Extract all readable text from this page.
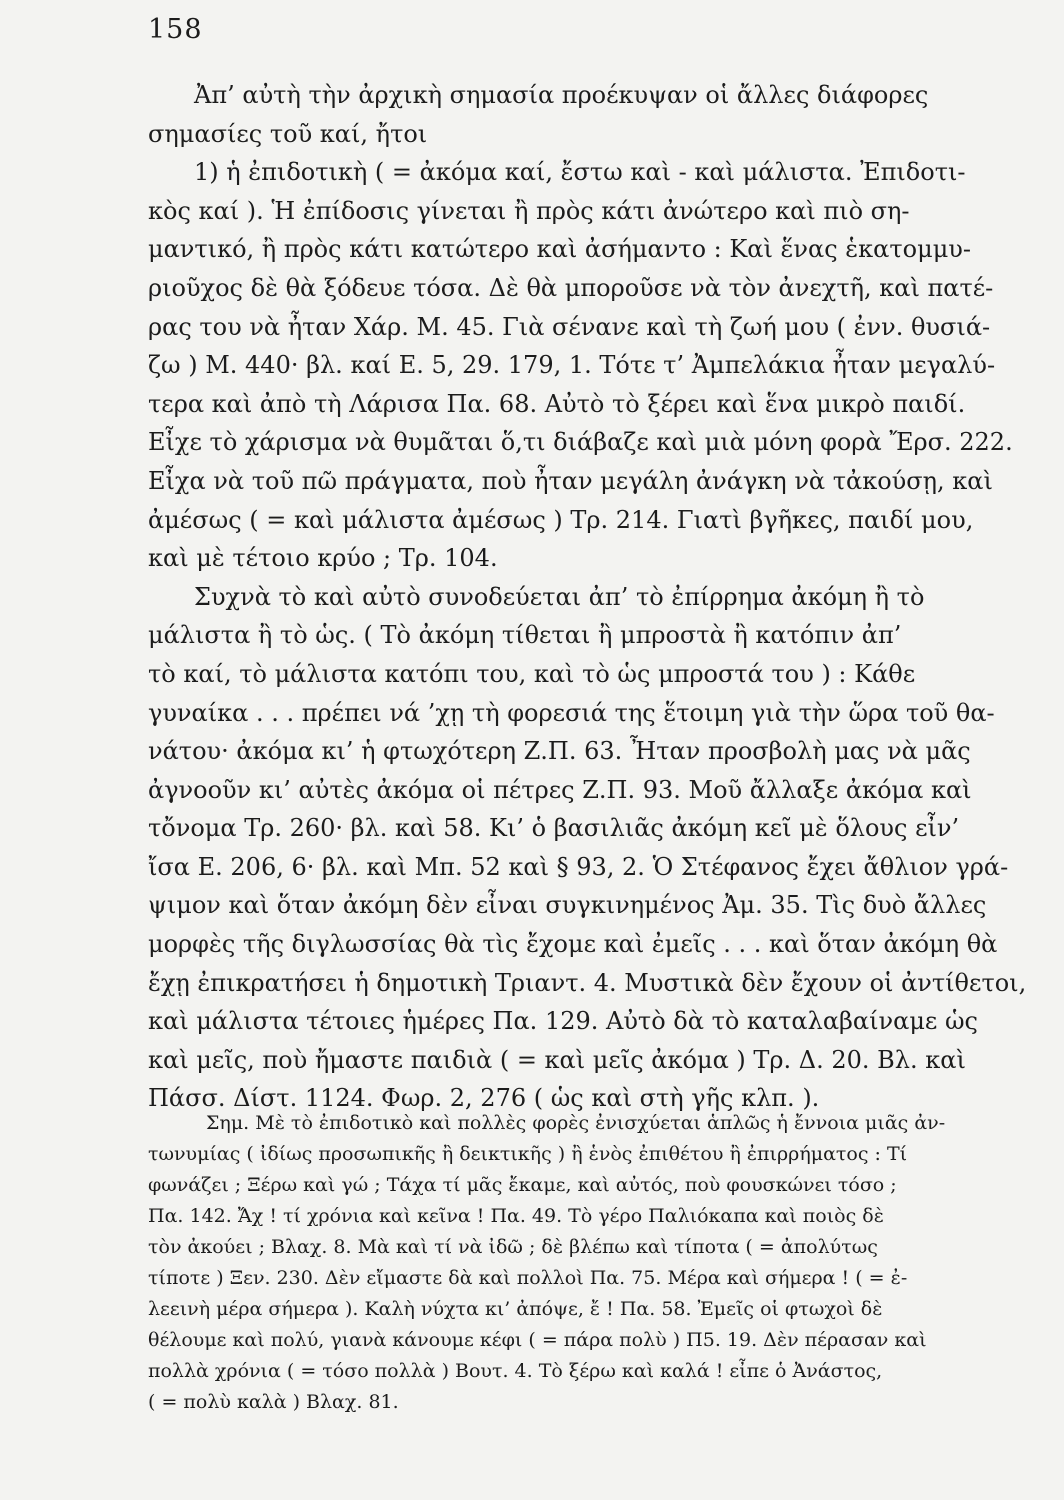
158
Ἀπ’ αὐτὴ τὴν ἀρχικὴ σημασία προέκυψαν οἱ ἄλλες διάφορες
σημασίες τοῦ καί, ἤτοι
1) ἡ ἐπιδοτικὴ ( = ἀκόμα καί, ἔστω καὶ - καὶ μάλιστα. Ἐπιδοτι-
κὸς καί ). Ἡ ἐπίδοσις γίνεται ἢ πρὸς κάτι ἀνώτερο καὶ πιὸ ση-
μαντικό, ἢ πρὸς κάτι κατώτερο καὶ ἀσήμαντο : Καὶ ἕνας ἑκατομμυ-
ριοῦχος δὲ θὰ ξόδευε τόσα. Δὲ θὰ μποροῦσε νὰ τὸν ἀνεχτῆ, καὶ πατέ-
ρας του νὰ ἦταν Χάρ. Μ. 45. Γιὰ σένανε καὶ τὴ ζωή μου ( ἐνν. θυσιά-
ζω ) Μ. 440· βλ. καί Ε. 5, 29. 179, 1. Τότε τ’ Ἀμπελάκια ἦταν μεγαλύ-
τερα καὶ ἀπὸ τὴ Λάρισα Πα. 68. Αὐτὸ τὸ ξέρει καὶ ἕνα μικρὸ παιδί.
Εἶχε τὸ χάρισμα νὰ θυμᾶται ὅ,τι διάβαζε καὶ μιὰ μόνη φορὰ Ἔρσ. 222.
Εἶχα νὰ τοῦ πῶ πράγματα, ποὺ ἦταν μεγάλη ἀνάγκη νὰ τἀκούσῃ, καὶ
ἀμέσως ( = καὶ μάλιστα ἀμέσως ) Τρ. 214. Γιατὶ βγῆκες, παιδί μου,
καὶ μὲ τέτοιο κρύο ; Τρ. 104.
Συχνὰ τὸ καὶ αὐτὸ συνοδεύεται ἀπ’ τὸ ἐπίρρημα ἀκόμη ἢ τὸ
μάλιστα ἢ τὸ ὡς. ( Τὸ ἀκόμη τίθεται ἢ μπροστὰ ἢ κατόπιν ἀπ’
τὸ καί, τὸ μάλιστα κατόπι του, καὶ τὸ ὡς μπροστά του ) : Κάθε
γυναίκα . . . πρέπει νά ’χῃ τὴ φορεσιά της ἕτοιμη γιὰ τὴν ὥρα τοῦ θα-
νάτου· ἀκόμα κι’ ἡ φτωχότερη Ζ.Π. 63. Ἦταν προσβολὴ μας νὰ μᾶς
ἀγνοοῦν κι’ αὐτὲς ἀκόμα οἱ πέτρες Ζ.Π. 93. Μοῦ ἄλλαξε ἀκόμα καὶ
τὄνομα Τρ. 260· βλ. καὶ 58. Κι’ ὁ βασιλιᾶς ἀκόμη κεῖ μὲ ὅλους εἶν’
ἴσα Ε. 206, 6· βλ. καὶ Μπ. 52 καὶ § 93, 2. Ὁ Στέφανος ἔχει ἄθλιον γρά-
ψιμον καὶ ὅταν ἀκόμη δὲν εἶναι συγκινημένος Ἀμ. 35. Τὶς δυὸ ἄλλες
μορφὲς τῆς διγλωσσίας θὰ τὶς ἔχομε καὶ ἐμεῖς . . . καὶ ὅταν ἀκόμη θὰ
ἔχῃ ἐπικρατήσει ἡ δημοτικὴ Τριαντ. 4. Μυστικὰ δὲν ἔχουν οἱ ἀντίθετοι,
καὶ μάλιστα τέτοιες ἡμέρες Πα. 129. Αὐτὸ δὰ τὸ καταλαβαίναμε ὡς
καὶ μεῖς, ποὺ ἤμαστε παιδιὰ ( = καὶ μεῖς ἀκόμα ) Τρ. Δ. 20. Βλ. καὶ
Πάσσ. Δίστ. 1124. Φωρ. 2, 276 ( ὡς καὶ στὴ γῆς κλπ. ).
Σημ. Μὲ τὸ ἐπιδοτικὸ καὶ πολλὲς φορὲς ἐνισχύεται ἁπλῶς ἡ ἔννοια μιᾶς ἀν-
τωνυμίας ( ἰδίως προσωπικῆς ἢ δεικτικῆς ) ἢ ἑνὸς ἐπιθέτου ἢ ἐπιρρήματος : Τί
φωνάζει ; Ξέρω καὶ γώ ; Τάχα τί μᾶς ἔκαμε, καὶ αὐτός, ποὺ φουσκώνει τόσο ;
Πα. 142. Ἄχ ! τί χρόνια καὶ κεῖνα ! Πα. 49. Τὸ γέρο Παλιόκαπα καὶ ποιὸς δὲ
τὸν ἀκούει ; Βλαχ. 8. Μὰ καὶ τί νὰ ἰδῶ ; δὲ βλέπω καὶ τίποτα ( = ἀπολύτως
τίποτε ) Ξεν. 230. Δὲν εἴμαστε δὰ καὶ πολλοὶ Πα. 75. Μέρα καὶ σήμερα ! ( = ἐ-
λεεινὴ μέρα σήμερα ). Καλὴ νύχτα κι’ ἀπόψε, ἔ ! Πα. 58. Ἐμεῖς οἱ φτωχοὶ δὲ
θέλουμε καὶ πολύ, γιανὰ κάνουμε κέφι ( = πάρα πολὺ ) Π5. 19. Δὲν πέρασαν καὶ
πολλὰ χρόνια ( = τόσο πολλὰ ) Βουτ. 4. Τὸ ξέρω καὶ καλά ! εἶπε ὁ Ἀνάστος,
( = πολὺ καλὰ ) Βλαχ. 81.
